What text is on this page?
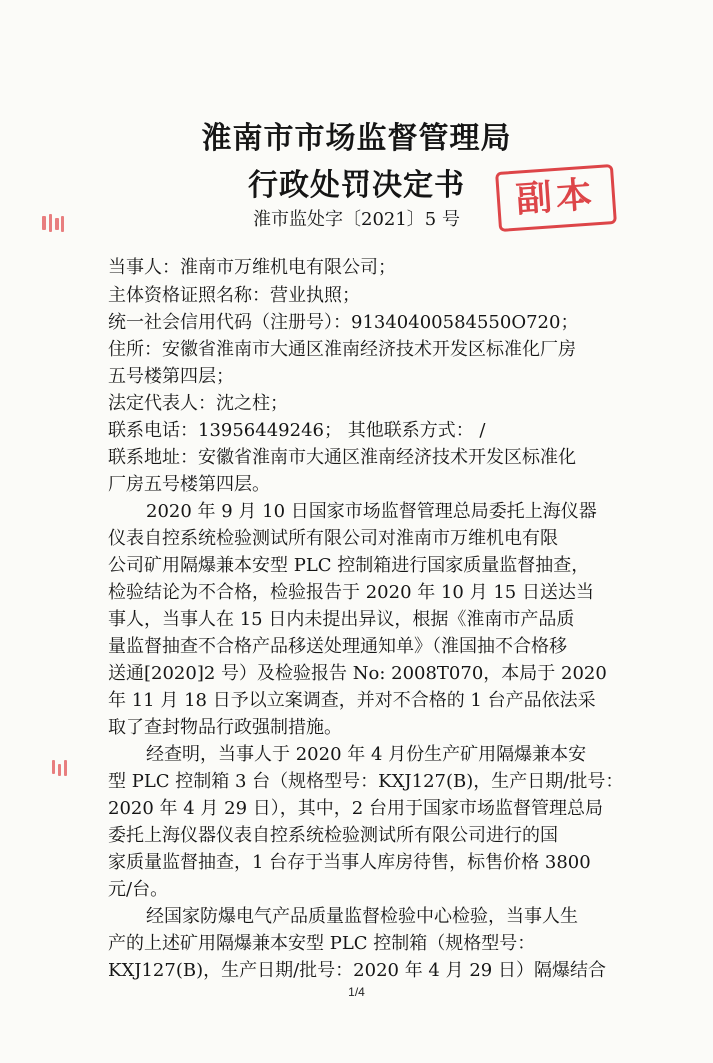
淮南市市场监督管理局
行政处罚决定书	副本

淮市监处字〔2021〕5 号

当事人：淮南市万维机电有限公司；

主体资格证照名称：营业执照；

统一社会信用代码（注册号）：91340400584550O720；

住所：安徽省淮南市大通区淮南经济技术开发区标准化厂房

五号楼第四层；

法定代表人：沈之柱；

联系电话：13956449246； 其他联系方式： /

联系地址：安徽省淮南市大通区淮南经济技术开发区标准化

厂房五号楼第四层。

2020 年 9 月 10 日国家市场监督管理总局委托上海仪器

仪表自控系统检验测试所有限公司对淮南市万维机电有限

公司矿用隔爆兼本安型 PLC 控制箱进行国家质量监督抽查，

检验结论为不合格，检验报告于 2020 年 10 月 15 日送达当

事人，当事人在 15 日内未提出异议，根据《淮南市产品质

量监督抽查不合格产品移送处理通知单》（淮国抽不合格移

送通[2020]2 号）及检验报告 No: 2008T070，本局于 2020

年 11 月 18 日予以立案调查，并对不合格的 1 台产品依法采

取了查封物品行政强制措施。

经查明，当事人于 2020 年 4 月份生产矿用隔爆兼本安

型 PLC 控制箱 3 台（规格型号：KXJ127(B)，生产日期/批号：

2020 年 4 月 29 日），其中，2 台用于国家市场监督管理总局

委托上海仪器仪表自控系统检验测试所有限公司进行的国

家质量监督抽查，1 台存于当事人库房待售，标售价格 3800

元/台。

经国家防爆电气产品质量监督检验中心检验，当事人生

产的上述矿用隔爆兼本安型 PLC 控制箱（规格型号：

KXJ127(B)，生产日期/批号：2020 年 4 月 29 日）隔爆结合

1/4
